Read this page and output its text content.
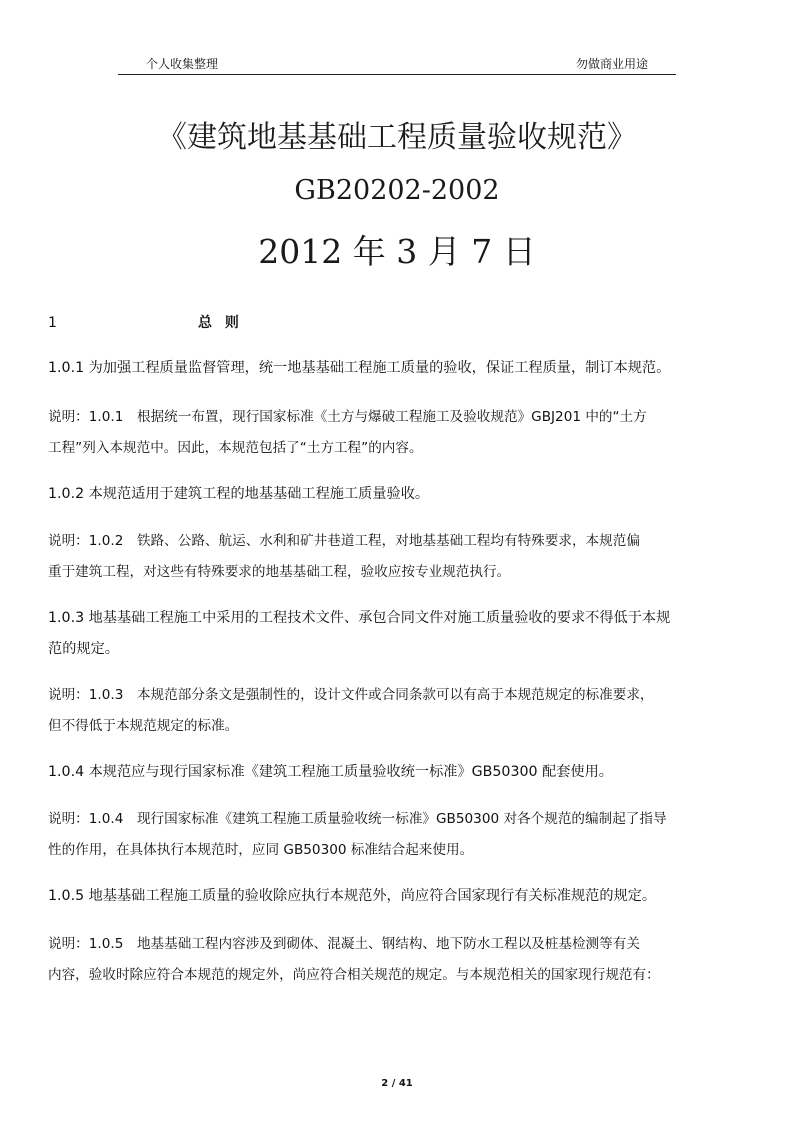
个人收集整理	勿做商业用途
《建筑地基基础工程质量验收规范》
GB20202-2002
2012 年 3 月 7 日
1	总 则
1.0.1 为加强工程质量监督管理，统一地基基础工程施工质量的验收，保证工程质量，制订本规范。
说明：1.0.1　根据统一布置，现行国家标准《土方与爆破工程施工及验收规范》GBJ201 中的“土方
工程”列入本规范中。因此，本规范包括了“土方工程”的内容。
1.0.2 本规范适用于建筑工程的地基基础工程施工质量验收。
说明：1.0.2　铁路、公路、航运、水利和矿井巷道工程，对地基基础工程均有特殊要求，本规范偏
重于建筑工程，对这些有特殊要求的地基基础工程，验收应按专业规范执行。
1.0.3 地基基础工程施工中采用的工程技术文件、承包合同文件对施工质量验收的要求不得低于本规
范的规定。
说明：1.0.3　本规范部分条文是强制性的，设计文件或合同条款可以有高于本规范规定的标准要求，
但不得低于本规范规定的标准。
1.0.4 本规范应与现行国家标准《建筑工程施工质量验收统一标准》GB50300 配套使用。
说明：1.0.4　现行国家标准《建筑工程施工质量验收统一标准》GB50300 对各个规范的编制起了指导
性的作用，在具体执行本规范时，应同 GB50300 标准结合起来使用。
1.0.5 地基基础工程施工质量的验收除应执行本规范外，尚应符合国家现行有关标准规范的规定。
说明：1.0.5　地基基础工程内容涉及到砌体、混凝土、钢结构、地下防水工程以及桩基检测等有关
内容，验收时除应符合本规范的规定外，尚应符合相关规范的规定。与本规范相关的国家现行规范有：
2 / 41
